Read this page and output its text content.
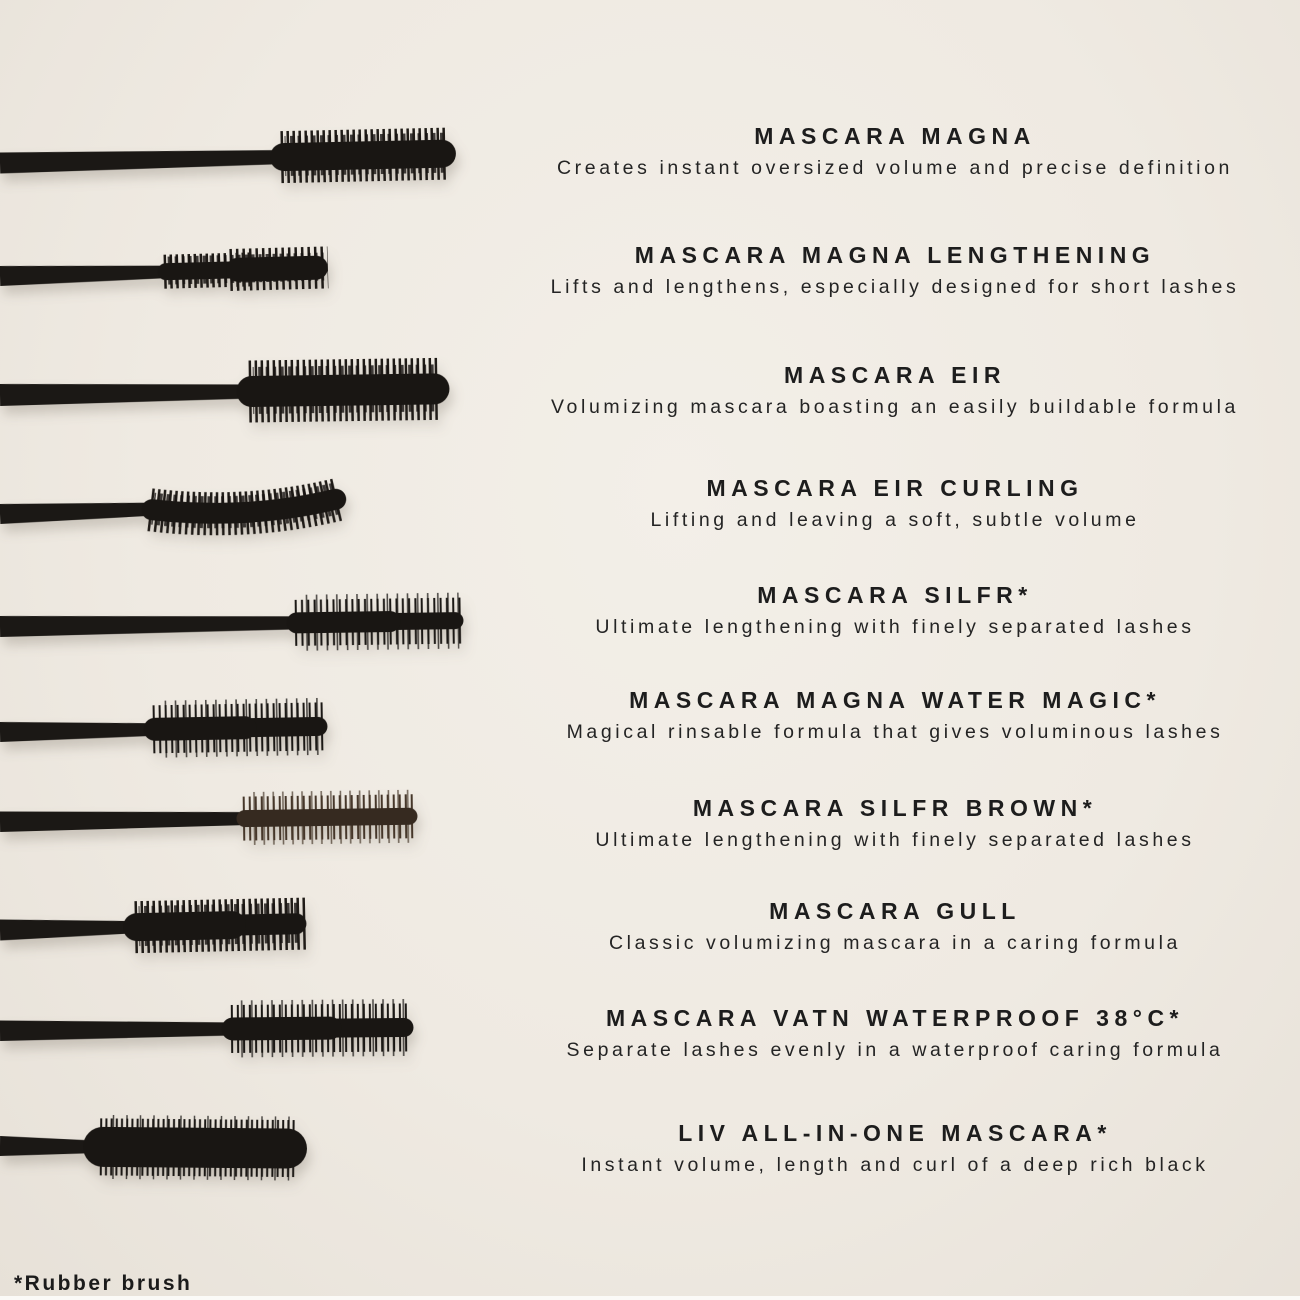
MASCARA MAGNA

Creates instant oversized volume and precise definition

MASCARA MAGNA LENGTHENING

Lifts and lengthens, especially designed for short lashes

MASCARA EIR

Volumizing mascara boasting an easily buildable formula

MASCARA EIR CURLING

Lifting and leaving a soft, subtle volume

MASCARA SILFR*

Ultimate lengthening with finely separated lashes

MASCARA MAGNA WATER MAGIC*

Magical rinsable formula that gives voluminous lashes

MASCARA SILFR BROWN*

Ultimate lengthening with finely separated lashes

MASCARA GULL

Classic volumizing mascara in a caring formula

MASCARA VATN WATERPROOF 38°C*

Separate lashes evenly in a waterproof caring formula

LIV ALL-IN-ONE MASCARA*

Instant volume, length and curl of a deep rich black

*Rubber brush
